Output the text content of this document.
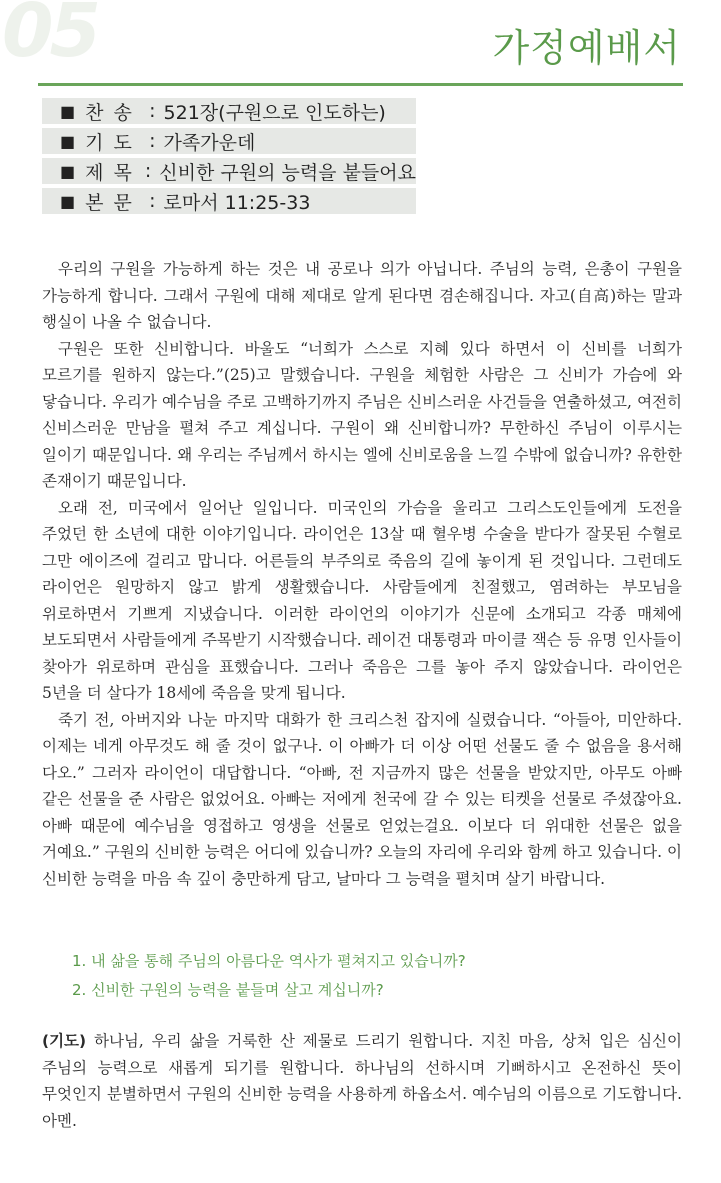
05	가정예배서
■ 찬송 : 521장(구원으로 인도하는)
■ 기도 : 가족가운데
■ 제목 : 신비한 구원의 능력을 붙들어요
■ 본문 : 로마서 11:25-33

우리의 구원을 가능하게 하는 것은 내 공로나 의가 아닙니다. 주님의 능력, 은총이 구원을 가능하게 합니다. 그래서 구원에 대해 제대로 알게 된다면 겸손해집니다. 자고(自高)하는 말과 행실이 나올 수 없습니다.

구원은 또한 신비합니다. 바울도 “너희가 스스로 지혜 있다 하면서 이 신비를 너희가 모르기를 원하지 않는다.”(25)고 말했습니다. 구원을 체험한 사람은 그 신비가 가슴에 와 닿습니다. 우리가 예수님을 주로 고백하기까지 주님은 신비스러운 사건들을 연출하셨고, 여전히 신비스러운 만남을 펼쳐 주고 계십니다. 구원이 왜 신비합니까? 무한하신 주님이 이루시는 일이기 때문입니다. 왜 우리는 주님께서 하시는 엘에 신비로움을 느낄 수밖에 없습니까? 유한한 존재이기 때문입니다.

오래 전, 미국에서 일어난 일입니다. 미국인의 가슴을 울리고 그리스도인들에게 도전을 주었던 한 소년에 대한 이야기입니다. 라이언은 13살 때 혈우병 수술을 받다가 잘못된 수혈로 그만 에이즈에 걸리고 맙니다. 어른들의 부주의로 죽음의 길에 놓이게 된 것입니다. 그런데도 라이언은 원망하지 않고 밝게 생활했습니다. 사람들에게 친절했고, 염려하는 부모님을 위로하면서 기쁘게 지냈습니다. 이러한 라이언의 이야기가 신문에 소개되고 각종 매체에 보도되면서 사람들에게 주목받기 시작했습니다. 레이건 대통령과 마이클 잭슨 등 유명 인사들이 찾아가 위로하며 관심을 표했습니다. 그러나 죽음은 그를 놓아 주지 않았습니다. 라이언은 5년을 더 살다가 18세에 죽음을 맞게 됩니다.

죽기 전, 아버지와 나눈 마지막 대화가 한 크리스천 잡지에 실렸습니다. “아들아, 미안하다. 이제는 네게 아무것도 해 줄 것이 없구나. 이 아빠가 더 이상 어떤 선물도 줄 수 없음을 용서해 다오.” 그러자 라이언이 대답합니다. “아빠, 전 지금까지 많은 선물을 받았지만, 아무도 아빠 같은 선물을 준 사람은 없었어요. 아빠는 저에게 천국에 갈 수 있는 티켓을 선물로 주셨잖아요. 아빠 때문에 예수님을 영접하고 영생을 선물로 얻었는걸요. 이보다 더 위대한 선물은 없을 거예요.” 구원의 신비한 능력은 어디에 있습니까? 오늘의 자리에 우리와 함께 하고 있습니다. 이 신비한 능력을 마음 속 깊이 충만하게 담고, 날마다 그 능력을 펼치며 살기 바랍니다.

1. 내 삶을 통해 주님의 아름다운 역사가 펼쳐지고 있습니까?
2. 신비한 구원의 능력을 붙들며 살고 계십니까?
(기도) 하나님, 우리 삶을 거룩한 산 제물로 드리기 원합니다. 지친 마음, 상처 입은 심신이 주님의 능력으로 새롭게 되기를 원합니다. 하나님의 선하시며 기뻐하시고 온전하신 뜻이 무엇인지 분별하면서 구원의 신비한 능력을 사용하게 하옵소서. 예수님의 이름으로 기도합니다. 아멘.
